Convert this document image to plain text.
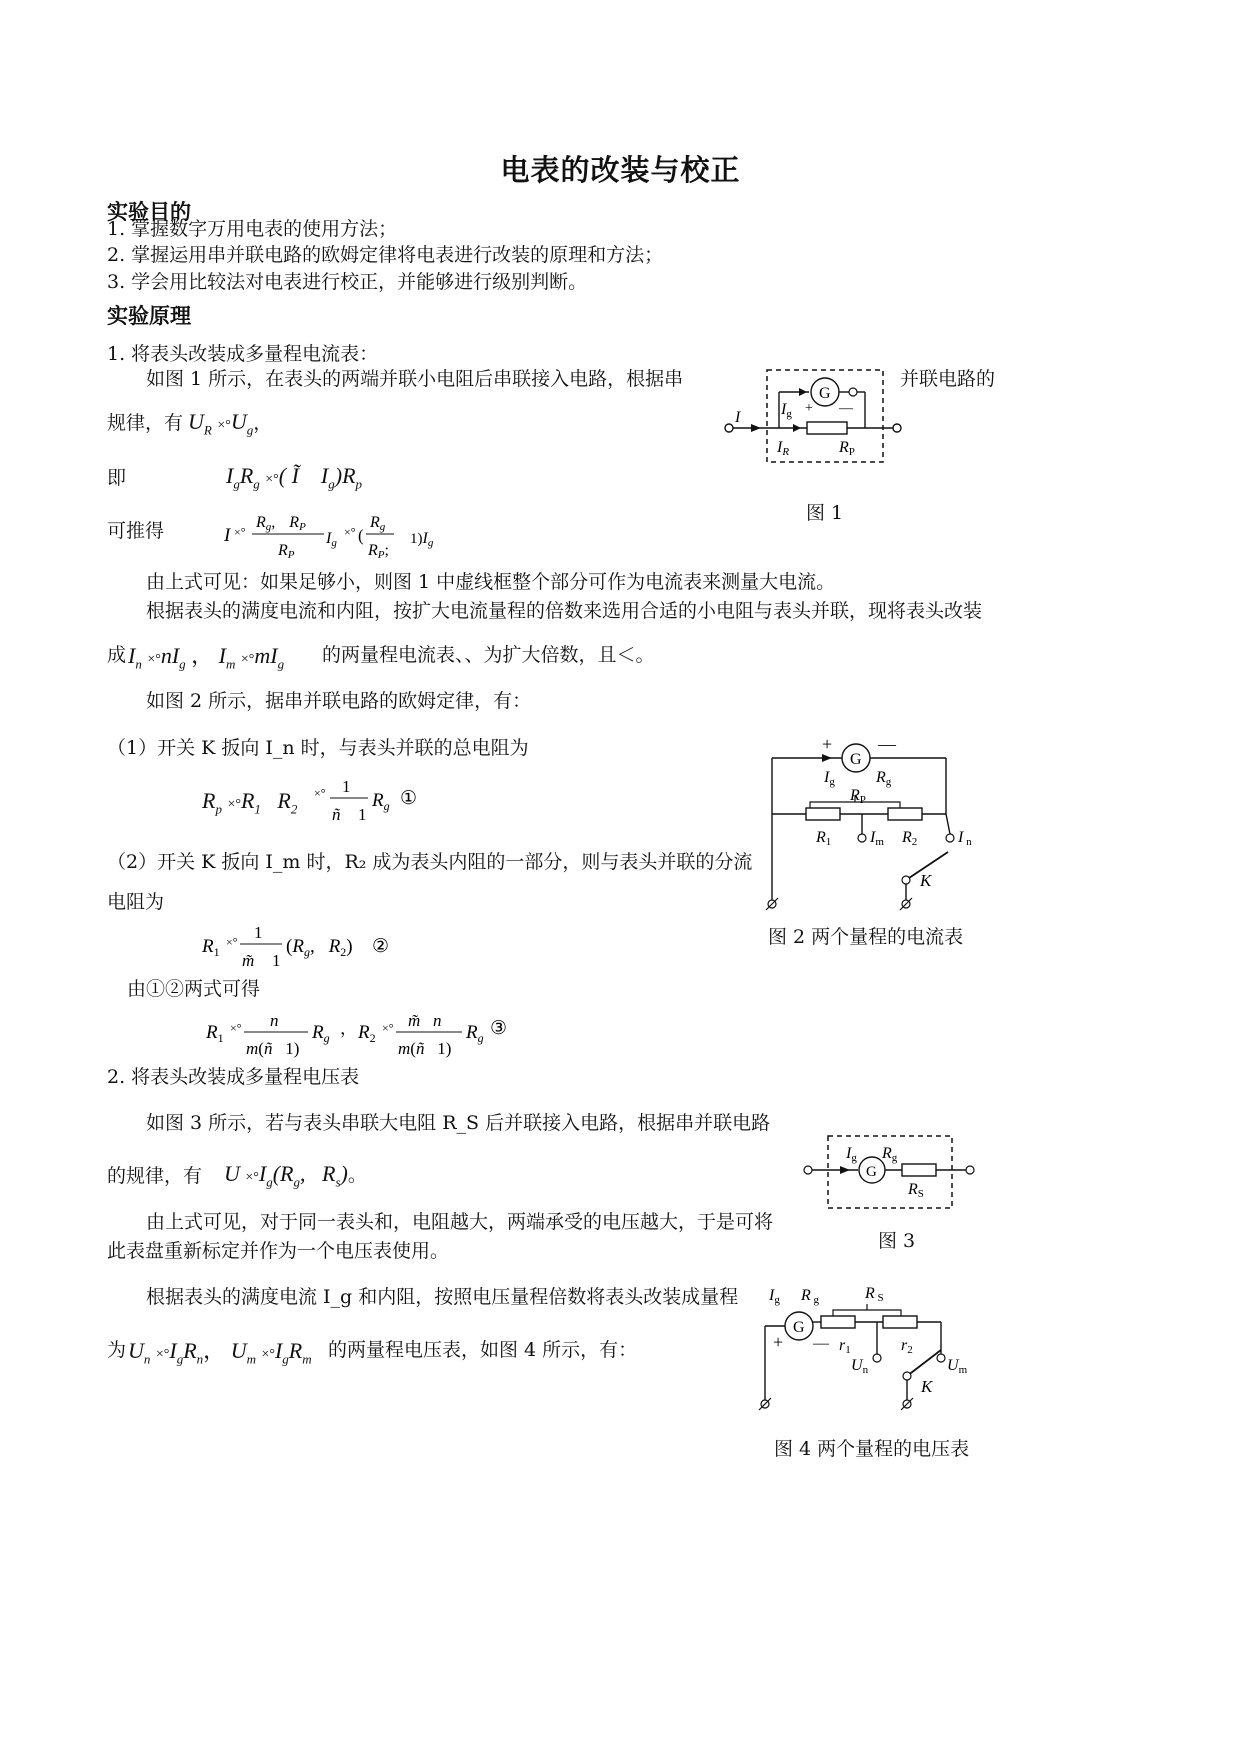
电表的改装与校正
实验目的
1. 掌握数字万用电表的使用方法；
2. 掌握运用串并联电路的欧姆定律将电表进行改装的原理和方法；
3. 学会用比较法对电表进行校正，并能够进行级别判断。
实验原理
1. 将表头改装成多量程电流表：
如图 1 所示，在表头的两端并联小电阻后串联接入电路，根据串	并联电路的
规律，有 $U_R \times^\circ U_g$，
即	$I_gR_g$ ×°( Ĩ    $I_g)R_p$
可推得	I ×°
Rg, RP
RP
Ig
×° (
Rg
RP;
$1)I_g$
由上式可见：如果足够小，则图 1 中虚线框整个部分可作为电流表来测量大电流。
根据表头的满度电流和内阻，按扩大电流量程的倍数来选用合适的小电阻与表头并联，现将表头改装
成 $I_n \times^\circ nI_g$ ， $I_m \times^\circ mI_g$ 的两量程电流表、、为扩大倍数，且＜。
如图 2 所示，据串并联电路的欧姆定律，有：
（1）开关 K 扳向 I_n 时，与表头并联的总电阻为
$R_p \times^\circ R_1$   $R_2$
×° 1
ñ 1
$R_g$ ①
（2）开关 K 扳向 I_m 时，R₂ 成为表头内阻的一部分，则与表头并联的分流
电阻为
$R_1$
×° 1
m̃ 1
($R_g$, $R_2$) ②
由①②两式可得
$R_1$
×° n
m(ñ   1)
$R_g$ ， $R_2$
×° m̃   n
m(ñ   1)
$R_g$ ③
2. 将表头改装成多量程电压表
如图 3 所示，若与表头串联大电阻 R_S 后并联接入电路，根据串并联电路
的规律，有 $U \times^\circ I_g(R_g$,   $R_s$)。
由上式可见，对于同一表头和，电阻越大，两端承受的电压越大，于是可将
此表盘重新标定并作为一个电压表使用。
根据表头的满度电流 I_g 和内阻，按照电压量程倍数将表头改装成量程
为 $U_n \times^\circ I_gR_n$， $U_m \times^\circ I_gR_m$ 的两量程电压表，如图 4 所示，有：
I
G
Ig + —
IR	RP
图 1
G
+	—
Ig	Rg
RP
R1 Im R2	I n
K
图 2 两个量程的电流表
G
Ig Rg
RS
图 3
Ig R g	R S
G
+ — r1	r2
Un	Um
K
图 4 两个量程的电压表
